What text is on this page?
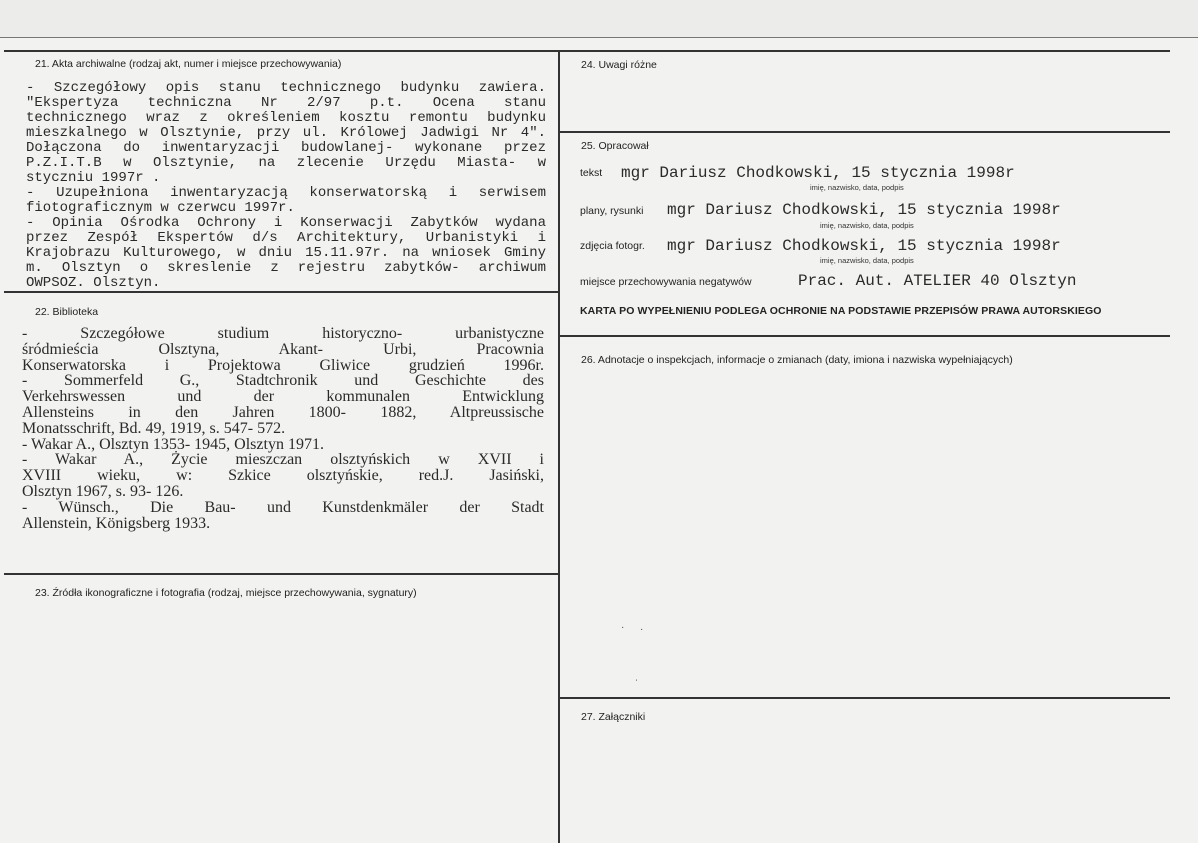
21. Akta archiwalne (rodzaj akt, numer i miejsce przechowywania)
- Szczegółowy opis stanu technicznego budynku zawiera.
"Ekspertyza techniczna Nr 2/97 p.t. Ocena stanu
technicznego wraz z określeniem kosztu remontu budynku
mieszkalnego w Olsztynie, przy ul. Królowej Jadwigi Nr 4".
Dołączona do inwentaryzacji budowlanej- wykonane przez
P.Z.I.T.B w Olsztynie, na zlecenie Urzędu Miasta- w
styczniu 1997r .
- Uzupełniona inwentaryzacją konserwatorską i serwisem
fiotograficznym w czerwcu 1997r.
- Opinia Ośrodka Ochrony i Konserwacji Zabytków wydana
przez Zespół Ekspertów d/s Architektury, Urbanistyki i
Krajobrazu Kulturowego, w dniu 15.11.97r. na wniosek Gminy
m. Olsztyn o skreslenie z rejestru zabytków- archiwum
OWPSOZ. Olsztyn.
22. Biblioteka
- Szczegółowe studium historyczno- urbanistyczne
śródmieścia Olsztyna, Akant- Urbi, Pracownia
Konserwatorska i Projektowa Gliwice grudzień 1996r.
- Sommerfeld G., Stadtchronik und Geschichte des
Verkehrswessen und der kommunalen Entwicklung
Allensteins in den Jahren 1800- 1882, Altpreussische
Monatsschrift, Bd. 49, 1919, s. 547- 572.
- Wakar A., Olsztyn 1353- 1945, Olsztyn 1971.
- Wakar A., Życie mieszczan olsztyńskich w XVII i
XVIII wieku, w: Szkice olsztyńskie, red.J. Jasiński,
Olsztyn 1967, s. 93- 126.
- Wünsch., Die Bau- und Kunstdenkmäler der Stadt
Allenstein, Königsberg 1933.
23. Źródła ikonograficzne i fotografia (rodzaj, miejsce przechowywania, sygnatury)
24. Uwagi różne
25. Opracował
tekst mgr Dariusz Chodkowski, 15 stycznia 1998r
imię, nazwisko, data, podpis
plany, rysunki mgr Dariusz Chodkowski, 15 stycznia 1998r
imię, nazwisko, data, podpis
zdjęcia fotogr. mgr Dariusz Chodkowski, 15 stycznia 1998r
imię, nazwisko, data, podpis
miejsce przechowywania negatywów	Prac. Aut. ATELIER 40 Olsztyn
KARTA PO WYPEŁNIENIU PODLEGA OCHRONIE NA PODSTAWIE PRZEPISÓW PRAWA AUTORSKIEGO
26. Adnotacje o inspekcjach, informacje o zmianach (daty, imiona i nazwiska wypełniających)
27. Załączniki
· ·
ˌ
